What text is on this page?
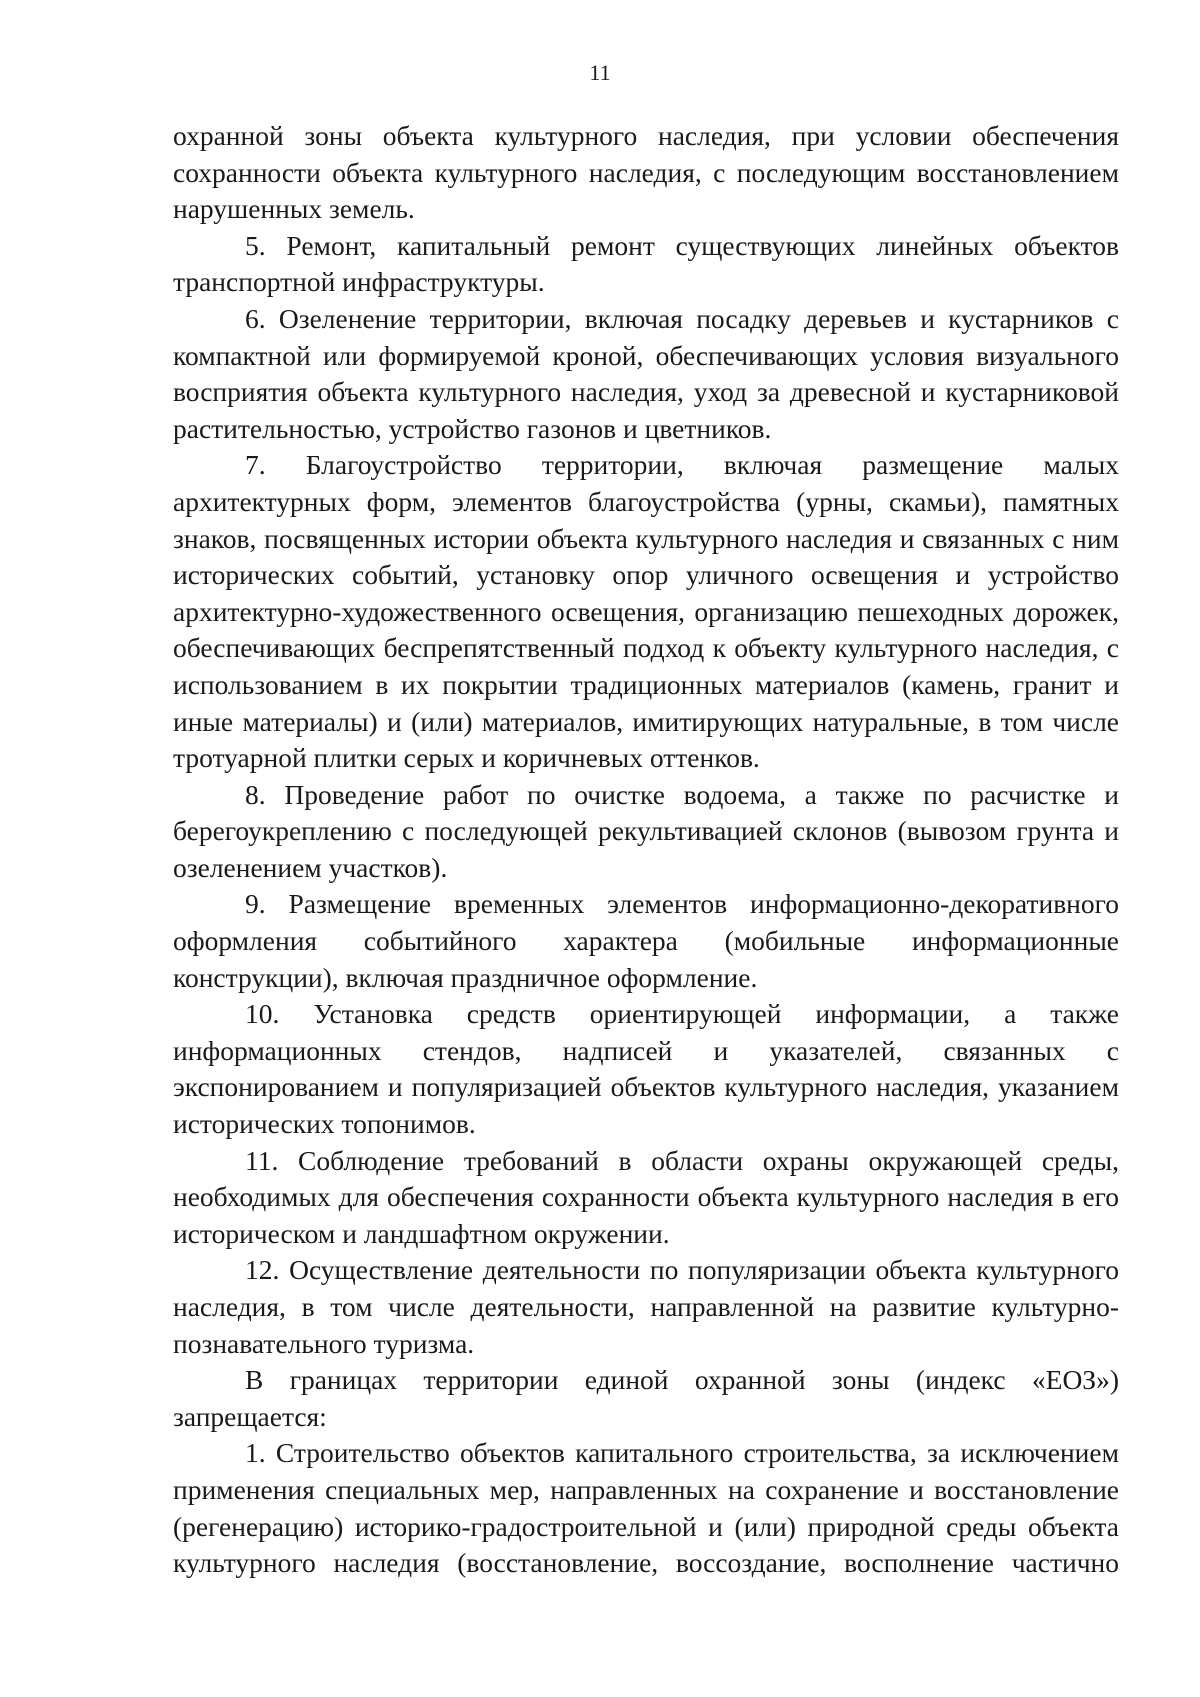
11

охранной зоны объекта культурного наследия, при условии обеспечения сохранности объекта культурного наследия, с последующим восстановлением нарушенных земель.

5. Ремонт, капитальный ремонт существующих линейных объектов транспортной инфраструктуры.

6. Озеленение территории, включая посадку деревьев и кустарников с компактной или формируемой кроной, обеспечивающих условия визуального восприятия объекта культурного наследия, уход за древесной и кустарниковой растительностью, устройство газонов и цветников.

7. Благоустройство территории, включая размещение малых архитектурных форм, элементов благоустройства (урны, скамьи), памятных знаков, посвященных истории объекта культурного наследия и связанных с ним исторических событий, установку опор уличного освещения и устройство архитектурно-художественного освещения, организацию пешеходных дорожек, обеспечивающих беспрепятственный подход к объекту культурного наследия, с использованием в их покрытии традиционных материалов (камень, гранит и иные материалы) и (или) материалов, имитирующих натуральные, в том числе тротуарной плитки серых и коричневых оттенков.

8. Проведение работ по очистке водоема, а также по расчистке и берегоукреплению с последующей рекультивацией склонов (вывозом грунта и озеленением участков).

9. Размещение временных элементов информационно-декоративного оформления событийного характера (мобильные информационные конструкции), включая праздничное оформление.

10. Установка средств ориентирующей информации, а также информационных стендов, надписей и указателей, связанных с экспонированием и популяризацией объектов культурного наследия, указанием исторических топонимов.

11. Соблюдение требований в области охраны окружающей среды, необходимых для обеспечения сохранности объекта культурного наследия в его историческом и ландшафтном окружении.

12. Осуществление деятельности по популяризации объекта культурного наследия, в том числе деятельности, направленной на развитие культурно-познавательного туризма.

В границах территории единой охранной зоны (индекс «ЕОЗ») запрещается:

1. Строительство объектов капитального строительства, за исключением применения специальных мер, направленных на сохранение и восстановление (регенерацию) историко-градостроительной и (или) природной среды объекта культурного наследия (восстановление, воссоздание, восполнение частично
